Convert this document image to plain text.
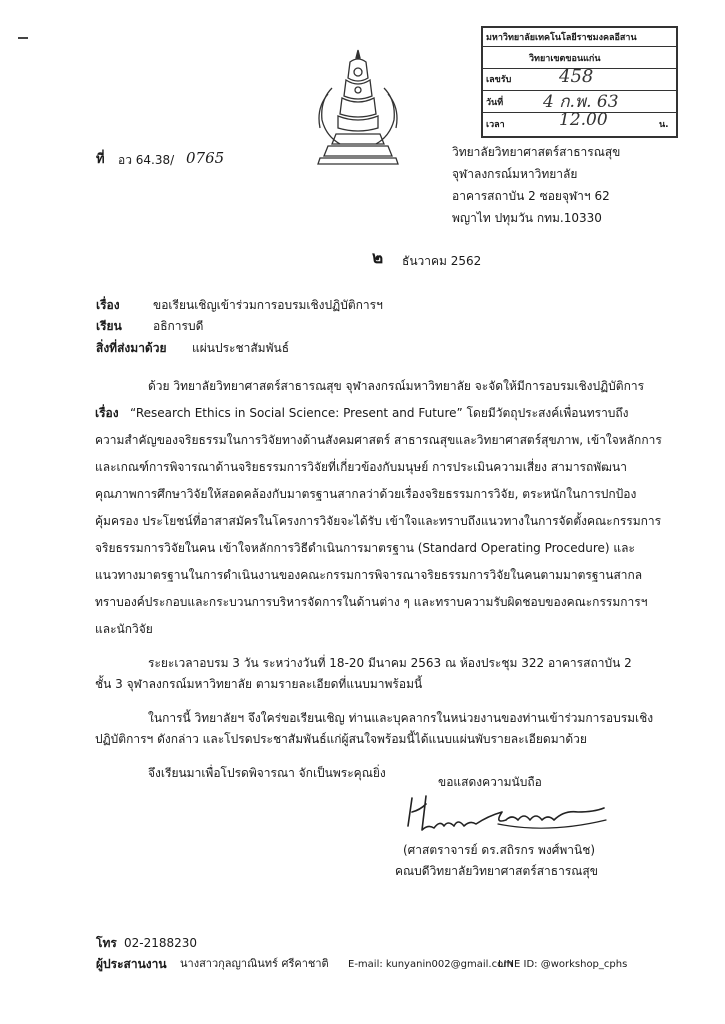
มหาวิทยาลัยเทคโนโลยีราชมงคลอีสาน
วิทยาเขตขอนแก่น
เลขรับ	458
วันที่ 4 ก.พ. 63
เวลา	12.00	น.
ที่ อว 64.38/ 0765	วิทยาลัยวิทยาศาสตร์สาธารณสุข
จุฬาลงกรณ์มหาวิทยาลัย
อาคารสถาบัน 2 ซอยจุฬาฯ 62
พญาไท ปทุมวัน กทม.10330
๒ ธันวาคม 2562
เรื่อง	ขอเรียนเชิญเข้าร่วมการอบรมเชิงปฏิบัติการฯ
เรียน	อธิการบดี
สิ่งที่ส่งมาด้วย แผ่นประชาสัมพันธ์
ด้วย วิทยาลัยวิทยาศาสตร์สาธารณสุข จุฬาลงกรณ์มหาวิทยาลัย จะจัดให้มีการอบรมเชิงปฏิบัติการ
เรื่อง “Research Ethics in Social Science: Present and Future” โดยมีวัตถุประสงค์เพื่อนทราบถึง
ความสำคัญของจริยธรรมในการวิจัยทางด้านสังคมศาสตร์ สาธารณสุขและวิทยาศาสตร์สุขภาพ, เข้าใจหลักการ
และเกณฑ์การพิจารณาด้านจริยธรรมการวิจัยที่เกี่ยวข้องกับมนุษย์ การประเมินความเสี่ยง สามารถพัฒนา
คุณภาพการศึกษาวิจัยให้สอดคล้องกับมาตรฐานสากลว่าด้วยเรื่องจริยธรรมการวิจัย, ตระหนักในการปกป้อง
คุ้มครอง ประโยชน์ที่อาสาสมัครในโครงการวิจัยจะได้รับ เข้าใจและทราบถึงแนวทางในการจัดตั้งคณะกรรมการ
จริยธรรมการวิจัยในคน เข้าใจหลักการวิธีดำเนินการมาตรฐาน (Standard Operating Procedure) และ
แนวทางมาตรฐานในการดำเนินงานของคณะกรรมการพิจารณาจริยธรรมการวิจัยในคนตามมาตรฐานสากล
ทราบองค์ประกอบและกระบวนการบริหารจัดการในด้านต่าง ๆ และทราบความรับผิดชอบของคณะกรรมการฯ
และนักวิจัย
ระยะเวลาอบรม 3 วัน ระหว่างวันที่ 18-20 มีนาคม 2563 ณ ห้องประชุม 322 อาคารสถาบัน 2
ชั้น 3 จุฬาลงกรณ์มหาวิทยาลัย ตามรายละเอียดที่แนบมาพร้อมนี้
ในการนี้ วิทยาลัยฯ จึงใคร่ขอเรียนเชิญ ท่านและบุคลากรในหน่วยงานของท่านเข้าร่วมการอบรมเชิง
ปฏิบัติการฯ ดังกล่าว และโปรดประชาสัมพันธ์แก่ผู้สนใจพร้อมนี้ได้แนบแผ่นพับรายละเอียดมาด้วย
จึงเรียนมาเพื่อโปรดพิจารณา จักเป็นพระคุณยิ่ง
ขอแสดงความนับถือ
(ศาสตราจารย์ ดร.สถิรกร พงศ์พานิช)
คณบดีวิทยาลัยวิทยาศาสตร์สาธารณสุข
โทร 02-2188230
ผู้ประสานงาน นางสาวกุลญาณินทร์ ศรีคาชาติ E-mail: kunyanin002@gmail.com
LINE ID: @workshop_cphs
